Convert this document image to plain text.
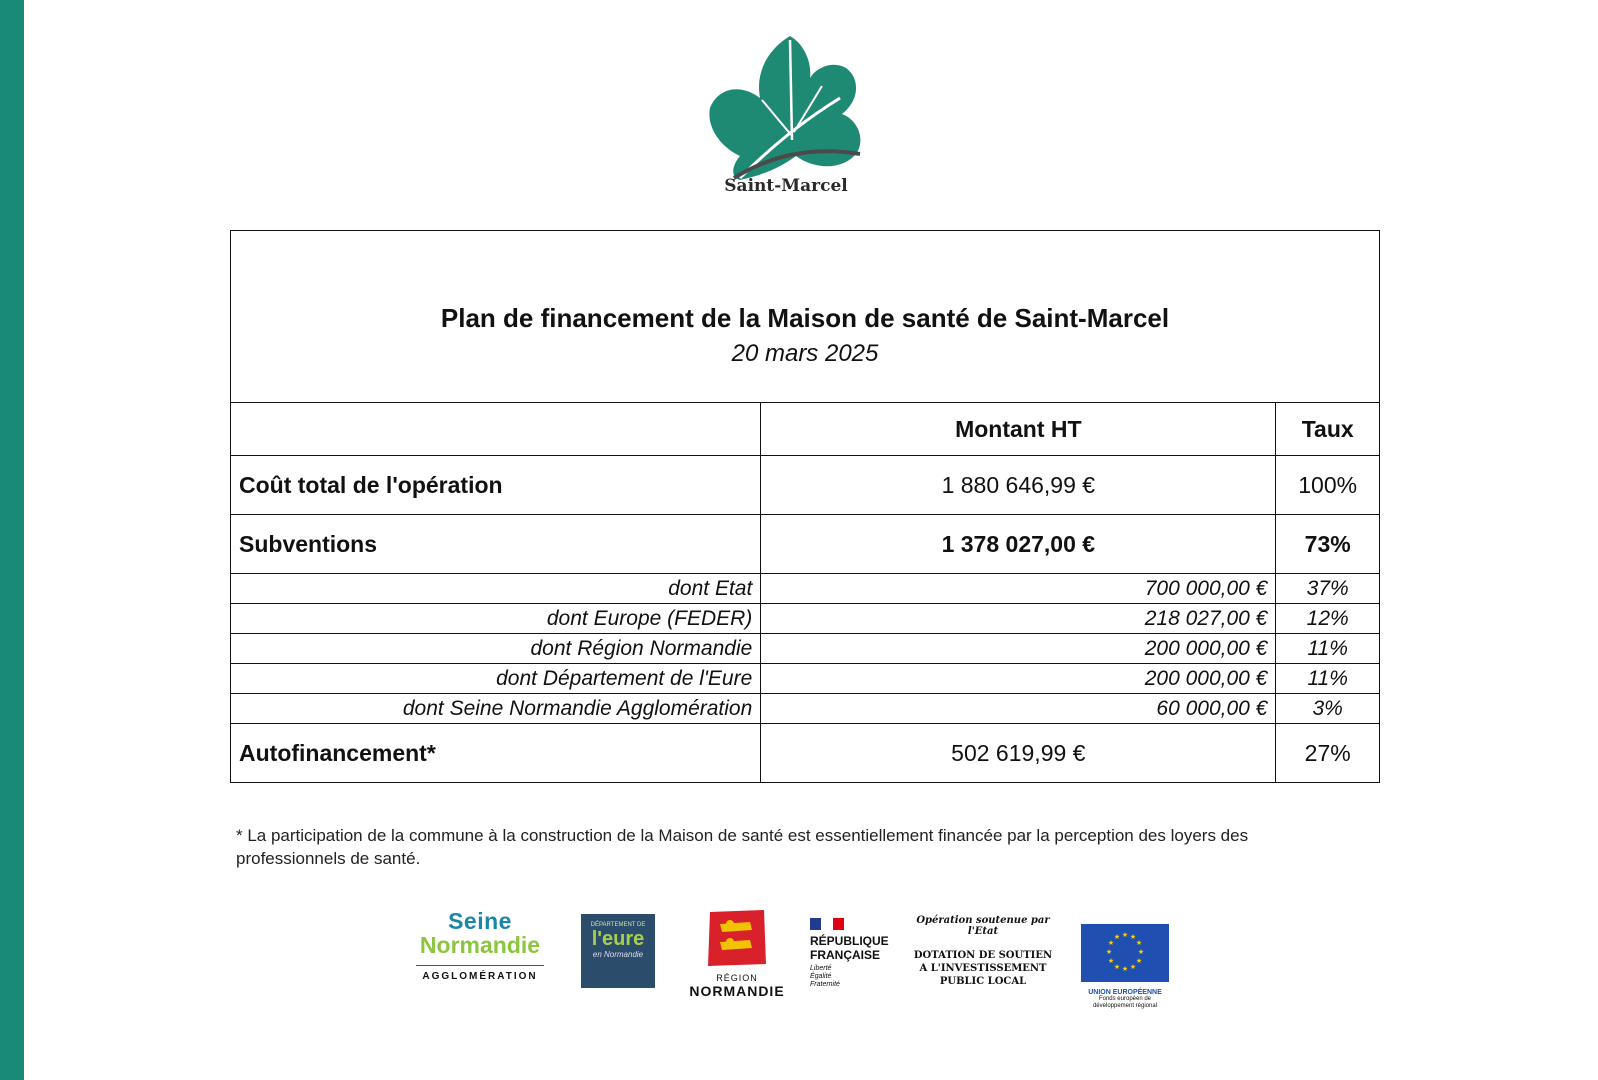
Saint-Marcel
Plan de financement de la Maison de santé de Saint-Marcel
20 mars 2025		

	Montant HT	Taux
Coût total de l'opération	1 880 646,99 €	100%
Subventions	1 378 027,00 €	73%
dont Etat	700 000,00 €	37%
dont Europe (FEDER)	218 027,00 €	12%
dont Région Normandie	200 000,00 €	11%
dont Département de l'Eure	200 000,00 €	11%
dont Seine Normandie Agglomération	60 000,00 €	3%
Autofinancement*	502 619,99 €	27%
* La participation de la commune à la construction de la Maison de santé est essentiellement financée par la perception des loyers des professionnels de santé.
Seine
Normandie
AGGLOMÉRATION
DÉPARTEMENT DE
l'eure
en Normandie
RÉGION
NORMANDIE
RÉPUBLIQUE
FRANÇAISE
Liberté
Égalité
Fraternité
Opération soutenue par l'Etat
DOTATION DE SOUTIEN
A L'INVESTISSEMENT
PUBLIC LOCAL
★ ★
★
★
★
★
★
★
★
★
★
★
UNION EUROPÉENNE
Fonds européen de
développement régional
